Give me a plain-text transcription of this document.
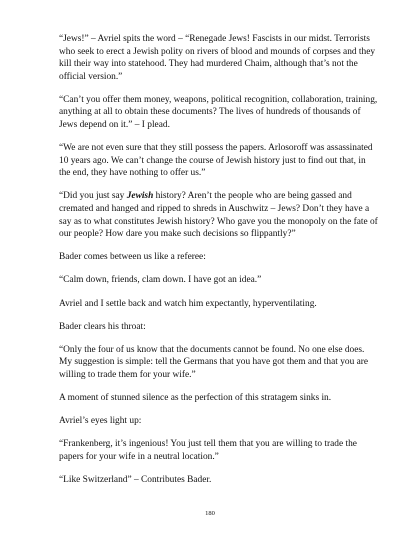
“Jews!” – Avriel spits the word – “Renegade Jews! Fascists in our midst. Terrorists who seek to erect a Jewish polity on rivers of blood and mounds of corpses and they kill their way into statehood. They had murdered Chaim, although that’s not the official version.”

“Can’t you offer them money, weapons, political recognition, collaboration, training, anything at all to obtain these documents? The lives of hundreds of thousands of Jews depend on it.” – I plead.

“We are not even sure that they still possess the papers. Arlosoroff was assassinated 10 years ago. We can’t change the course of Jewish history just to find out that, in the end, they have nothing to offer us.”

“Did you just say Jewish history? Aren’t the people who are being gassed and cremated and hanged and ripped to shreds in Auschwitz – Jews? Don’t they have a say as to what constitutes Jewish history? Who gave you the monopoly on the fate of our people? How dare you make such decisions so flippantly?”

Bader comes between us like a referee:

“Calm down, friends, clam down. I have got an idea.”

Avriel and I settle back and watch him expectantly, hyperventilating.

Bader clears his throat:

“Only the four of us know that the documents cannot be found. No one else does. My suggestion is simple: tell the Germans that you have got them and that you are willing to trade them for your wife.”

A moment of stunned silence as the perfection of this stratagem sinks in.

Avriel’s eyes light up:

“Frankenberg, it’s ingenious! You just tell them that you are willing to trade the papers for your wife in a neutral location.”

“Like Switzerland” – Contributes Bader.

180
